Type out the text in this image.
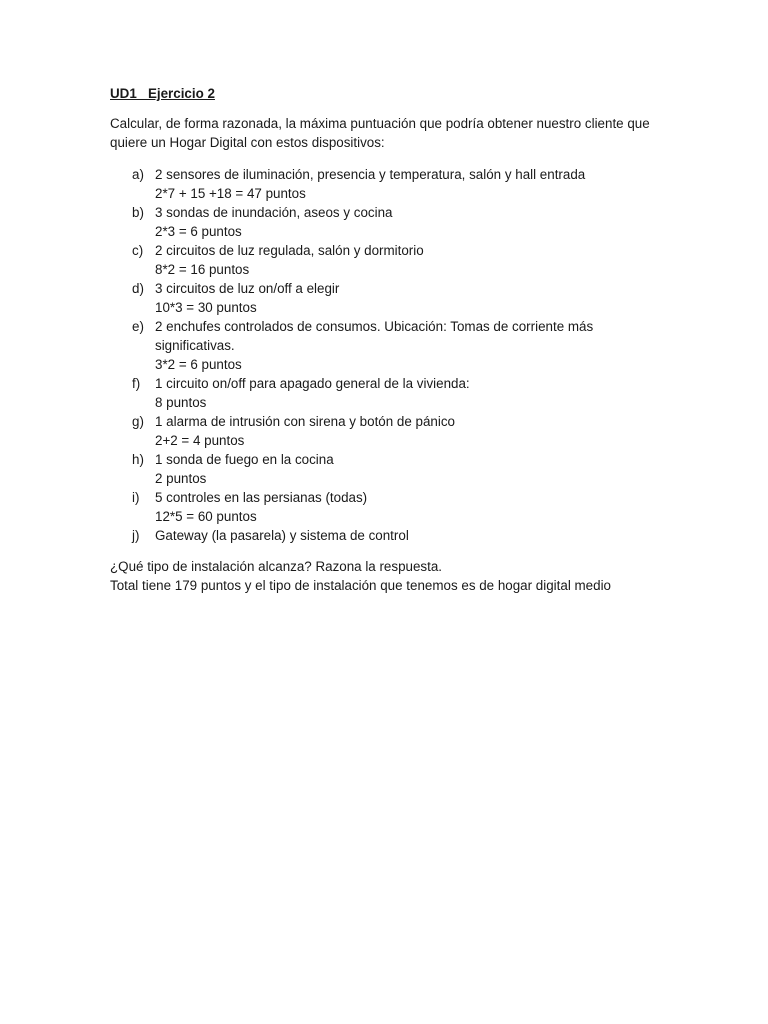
UD1_ Ejercicio 2

Calcular, de forma razonada, la máxima puntuación que podría obtener nuestro cliente que quiere un Hogar Digital con estos dispositivos:

a) 2 sensores de iluminación, presencia y temperatura, salón y hall entrada
2*7 + 15 +18 = 47 puntos
b) 3 sondas de inundación, aseos y cocina
2*3 = 6 puntos
c) 2 circuitos de luz regulada, salón y dormitorio
8*2 = 16 puntos
d) 3 circuitos de luz on/off a elegir
10*3 = 30 puntos
e) 2 enchufes controlados de consumos. Ubicación: Tomas de corriente más significativas.
3*2 = 6 puntos
f)	1 circuito on/off para apagado general de la vivienda:
8 puntos
g) 1 alarma de intrusión con sirena y botón de pánico
2+2 = 4 puntos
h) 1 sonda de fuego en la cocina
2 puntos
i)	5 controles en las persianas (todas)
12*5 = 60 puntos
j)	Gateway (la pasarela) y sistema de control

¿Qué tipo de instalación alcanza? Razona la respuesta.

Total tiene 179 puntos y el tipo de instalación que tenemos es de hogar digital medio
